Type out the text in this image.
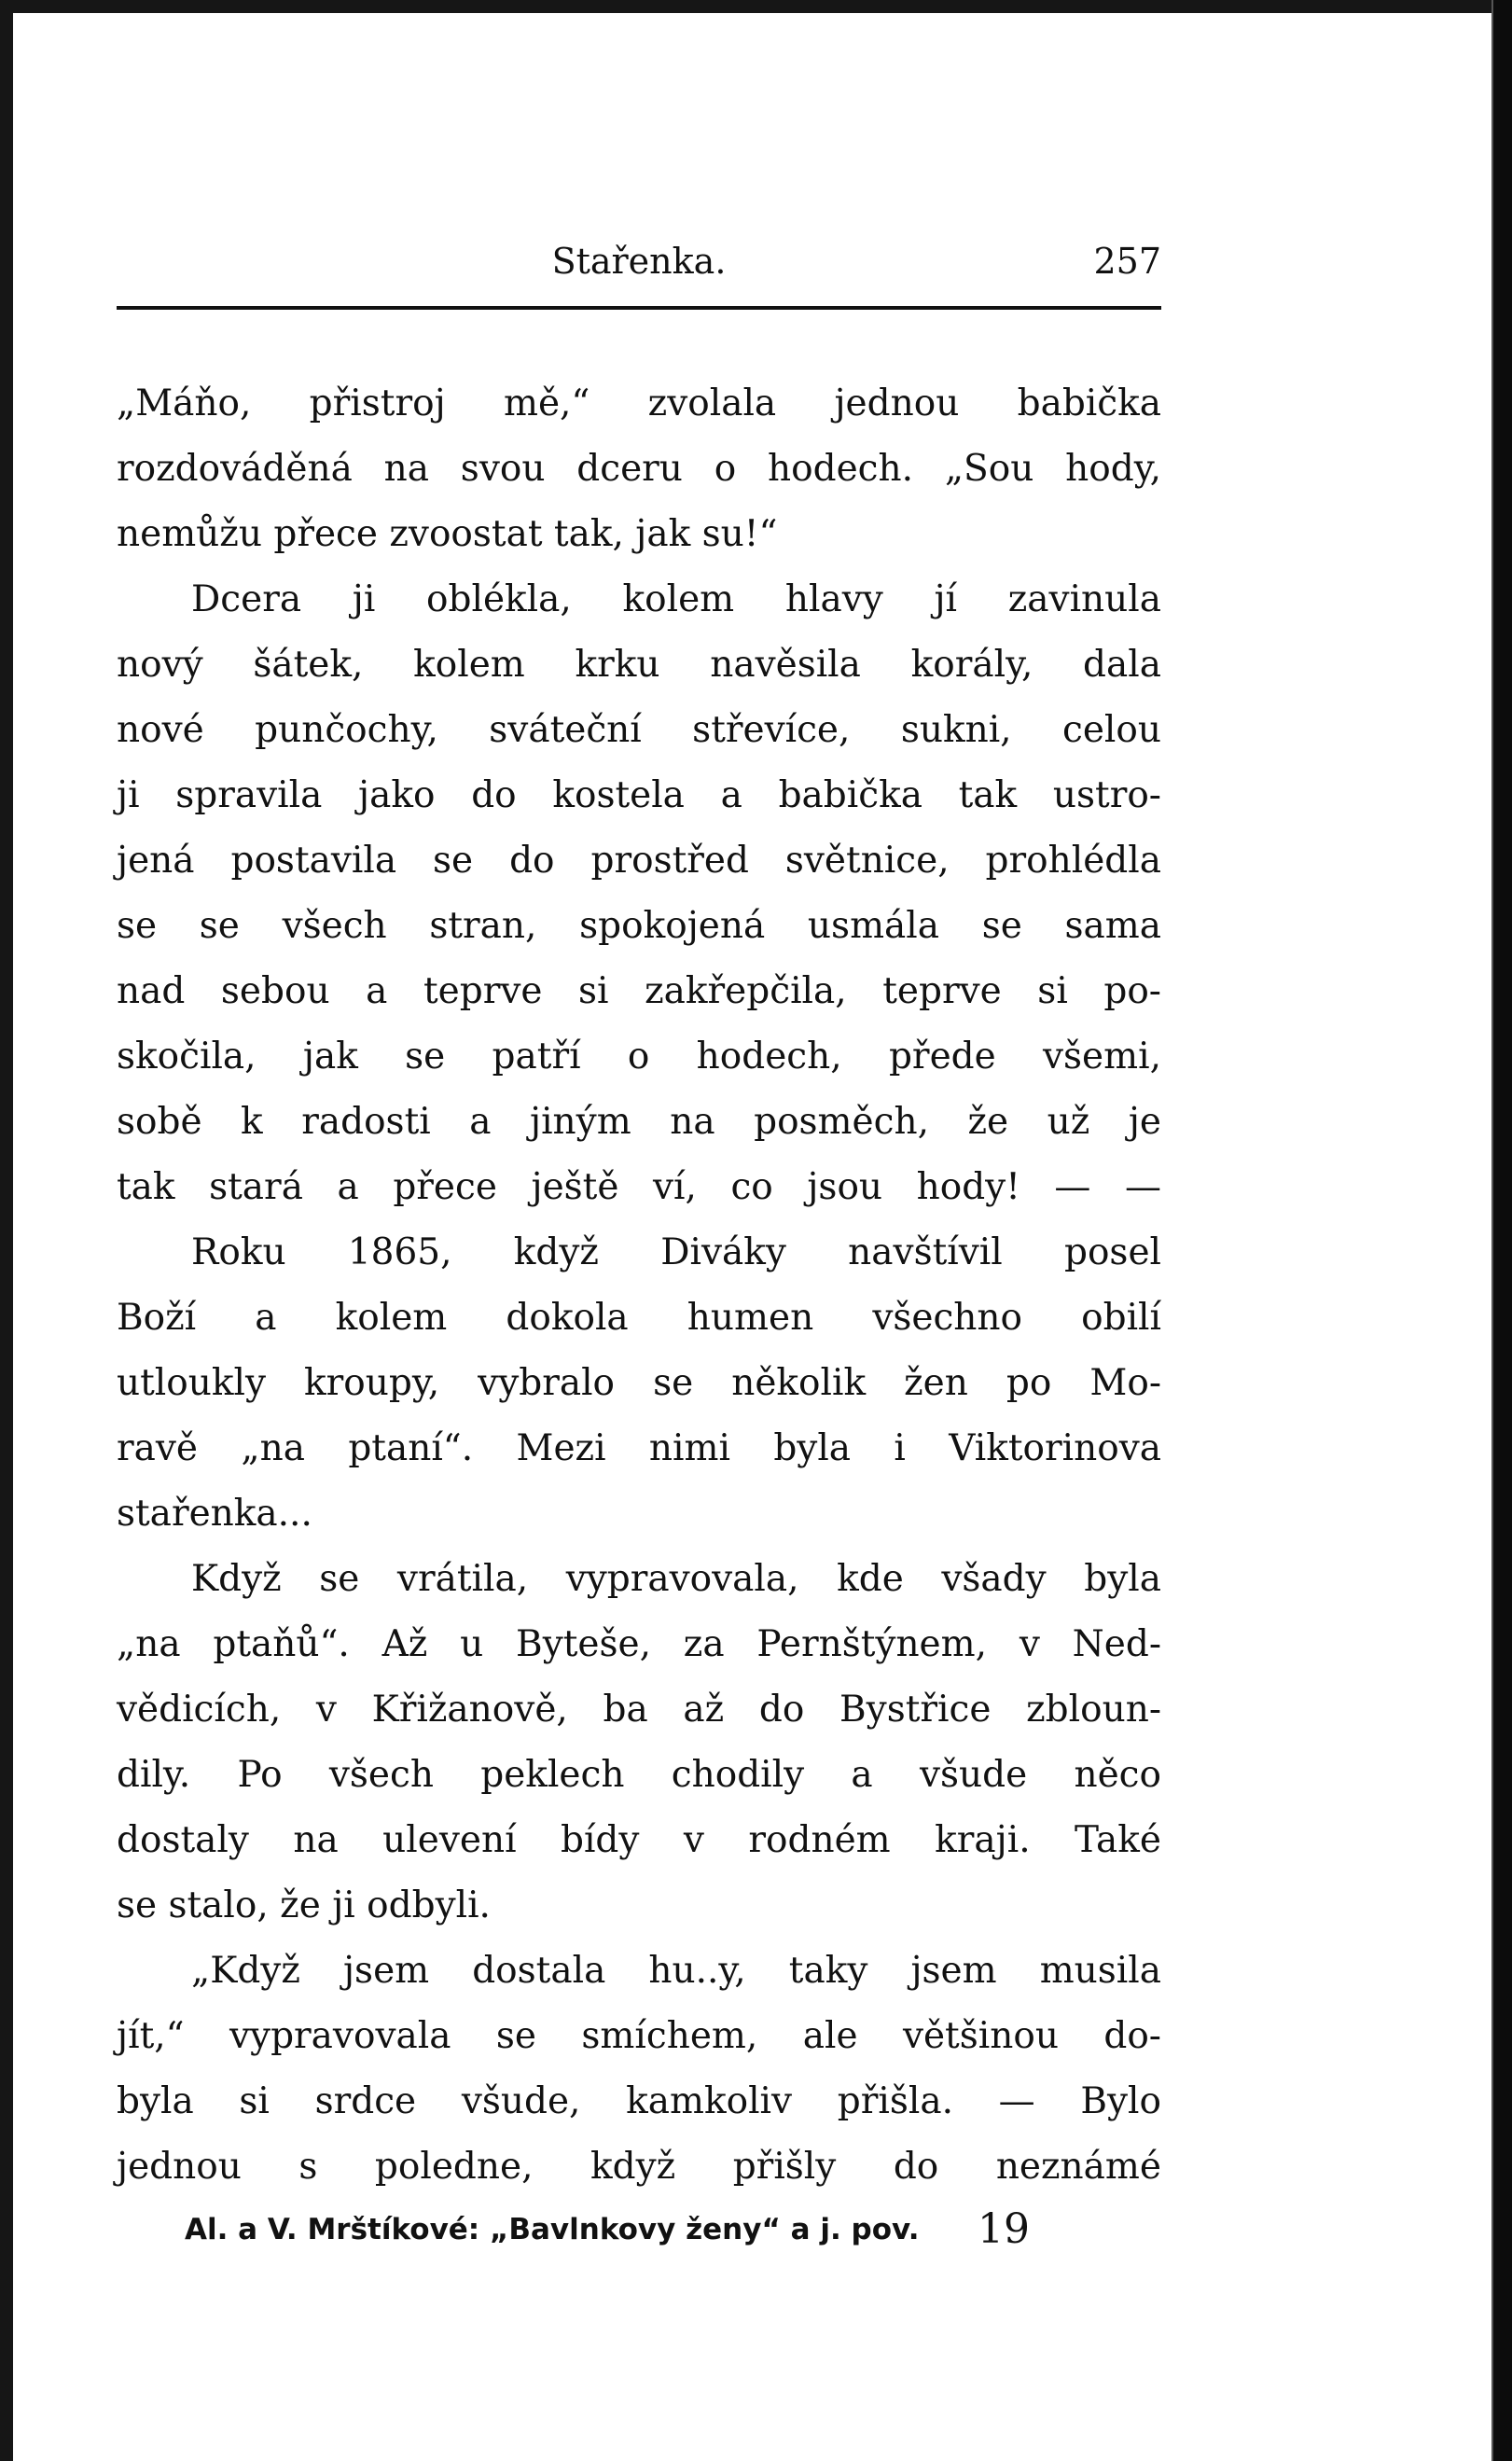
Stařenka.	257
„Máňo, přistroj mě,“ zvolala jednou babička
rozdováděná na svou dceru o hodech. „Sou hody,
nemůžu přece zvoostat tak, jak su!“
Dcera ji oblékla, kolem hlavy jí zavinula
nový šátek, kolem krku navěsila korály, dala
nové punčochy, sváteční střevíce, sukni, celou
ji spravila jako do kostela a babička tak ustro-
jená postavila se do prostřed světnice, prohlédla
se se všech stran, spokojená usmála se sama
nad sebou a teprve si zakřepčila, teprve si po-
skočila, jak se patří o hodech, přede všemi,
sobě k radosti a jiným na posměch, že už je
tak stará a přece ještě ví, co jsou hody! — —
Roku 1865, když Diváky navštívil posel
Boží a kolem dokola humen všechno obilí
utloukly kroupy, vybralo se několik žen po Mo-
ravě „na ptaní“. Mezi nimi byla i Viktorinova
stařenka...
Když se vrátila, vypravovala, kde všady byla
„na ptaňů“. Až u Byteše, za Pernštýnem, v Ned-
vědicích, v Křižanově, ba až do Bystřice zbloun-
dily. Po všech peklech chodily a všude něco
dostaly na ulevení bídy v rodném kraji. Také
se stalo, že ji odbyli.
„Když jsem dostala hu..y, taky jsem musila
jít,“ vypravovala se smíchem, ale většinou do-
byla si srdce všude, kamkoliv přišla. — Bylo
jednou s poledne, když přišly do neznámé
Al. a V. Mrštíkové: „Bavlnkovy ženy“ a j. pov. 19
